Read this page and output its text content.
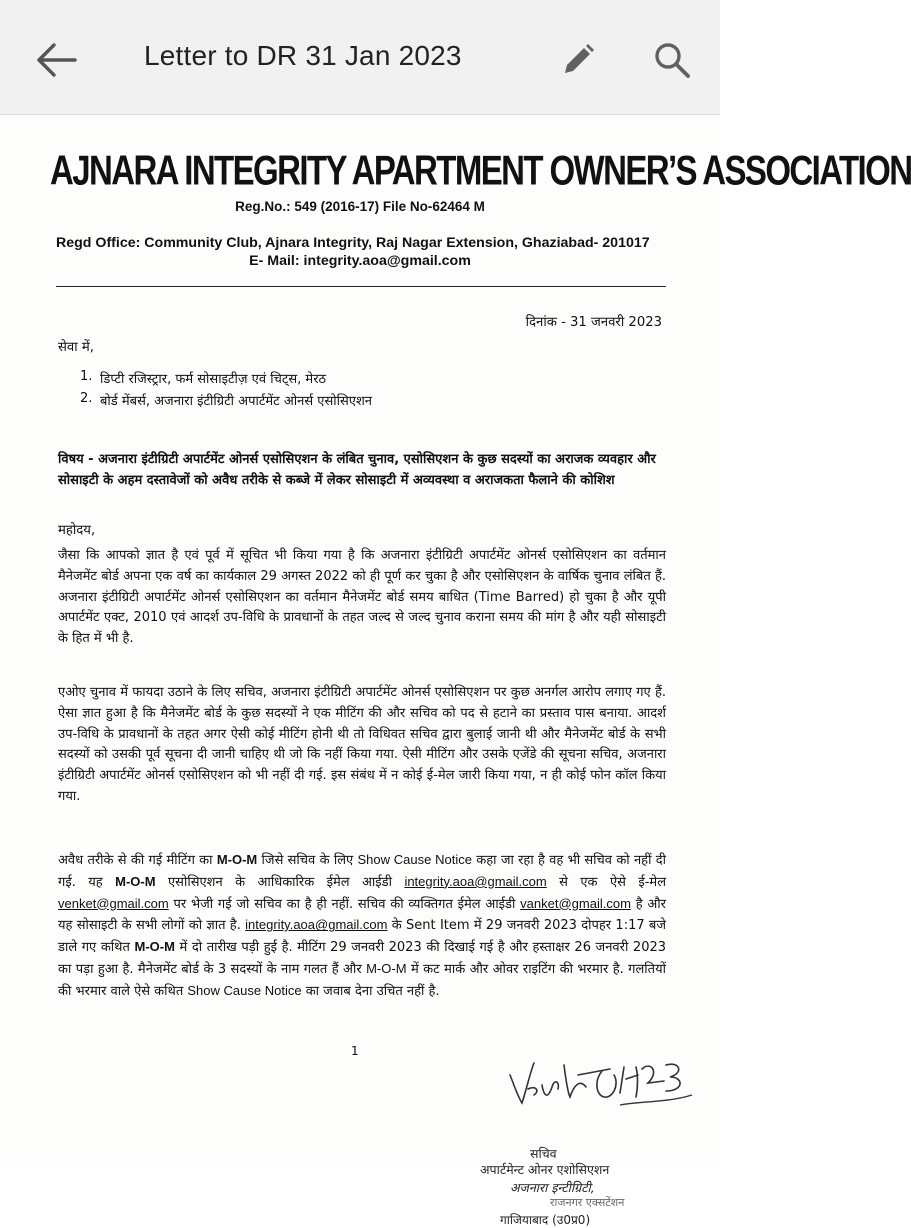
Letter to DR 31 Jan 2023
AJNARA INTEGRITY APARTMENT OWNER’S ASSOCIATION
Reg.No.: 549 (2016-17) File No-62464 M
Regd Office: Community Club, Ajnara Integrity, Raj Nagar Extension, Ghaziabad- 201017
E- Mail: integrity.aoa@gmail.com
दिनांक - 31 जनवरी 2023
सेवा में,
1. डिप्टी रजिस्ट्रार, फर्म सोसाइटीज़ एवं चिट्स, मेरठ
2. बोर्ड मेंबर्स, अजनारा इंटीग्रिटी अपार्टमेंट ओनर्स एसोसिएशन
विषय - अजनारा इंटीग्रिटी अपार्टमेंट ओनर्स एसोसिएशन के लंबित चुनाव, एसोसिएशन के कुछ सदस्यों का अराजक व्यवहार और सोसाइटी के अहम दस्तावेजों को अवैध तरीके से कब्जे में लेकर सोसाइटी में अव्यवस्था व अराजकता फैलाने की कोशिश
महोदय,
जैसा कि आपको ज्ञात है एवं पूर्व में सूचित भी किया गया है कि अजनारा इंटीग्रिटी अपार्टमेंट ओनर्स एसोसिएशन का वर्तमान मैनेजमेंट बोर्ड अपना एक वर्ष का कार्यकाल 29 अगस्त 2022 को ही पूर्ण कर चुका है और एसोसिएशन के वार्षिक चुनाव लंबित हैं. अजनारा इंटीग्रिटी अपार्टमेंट ओनर्स एसोसिएशन का वर्तमान मैनेजमेंट बोर्ड समय बाधित (Time Barred) हो चुका है और यूपी अपार्टमेंट एक्ट, 2010 एवं आदर्श उप-विधि के प्रावधानों के तहत जल्द से जल्द चुनाव कराना समय की मांग है और यही सोसाइटी के हित में भी है.
एओए चुनाव में फायदा उठाने के लिए सचिव, अजनारा इंटीग्रिटी अपार्टमेंट ओनर्स एसोसिएशन पर कुछ अनर्गल आरोप लगाए गए हैं. ऐसा ज्ञात हुआ है कि मैनेजमेंट बोर्ड के कुछ सदस्यों ने एक मीटिंग की और सचिव को पद से हटाने का प्रस्ताव पास बनाया. आदर्श उप-विधि के प्रावधानों के तहत अगर ऐसी कोई मीटिंग होनी थी तो विधिवत सचिव द्वारा बुलाई जानी थी और मैनेजमेंट बोर्ड के सभी सदस्यों को उसकी पूर्व सूचना दी जानी चाहिए थी जो कि नहीं किया गया. ऐसी मीटिंग और उसके एजेंडे की सूचना सचिव, अजनारा इंटीग्रिटी अपार्टमेंट ओनर्स एसोसिएशन को भी नहीं दी गई. इस संबंध में न कोई ई-मेल जारी किया गया, न ही कोई फोन कॉल किया गया.
अवैध तरीके से की गई मीटिंग का M-O-M जिसे सचिव के लिए Show Cause Notice कहा जा रहा है वह भी सचिव को नहीं दी गई. यह M-O-M एसोसिएशन के आधिकारिक ईमेल आईडी integrity.aoa@gmail.com से एक ऐसे ई-मेल venket@gmail.com पर भेजी गई जो सचिव का है ही नहीं. सचिव की व्यक्तिगत ईमेल आईडी vanket@gmail.com है और यह सोसाइटी के सभी लोगों को ज्ञात है. integrity.aoa@gmail.com के Sent Item में 29 जनवरी 2023 दोपहर 1:17 बजे डाले गए कथित M-O-M में दो तारीख पड़ी हुई है. मीटिंग 29 जनवरी 2023 की दिखाई गई है और हस्ताक्षर 26 जनवरी 2023 का पड़ा हुआ है. मैनेजमेंट बोर्ड के 3 सदस्यों के नाम गलत हैं और M-O-M में कट मार्क और ओवर राइटिंग की भरमार है. गलतियों की भरमार वाले ऐसे कथित Show Cause Notice का जवाब देना उचित नहीं है.
1
सचिव
अपार्टमेन्ट ओनर एशोसिएशन
अजनारा इन्टीग्रिटी,
राजनगर एक्सटेंशन
गाजियाबाद (उ0प्र0)
